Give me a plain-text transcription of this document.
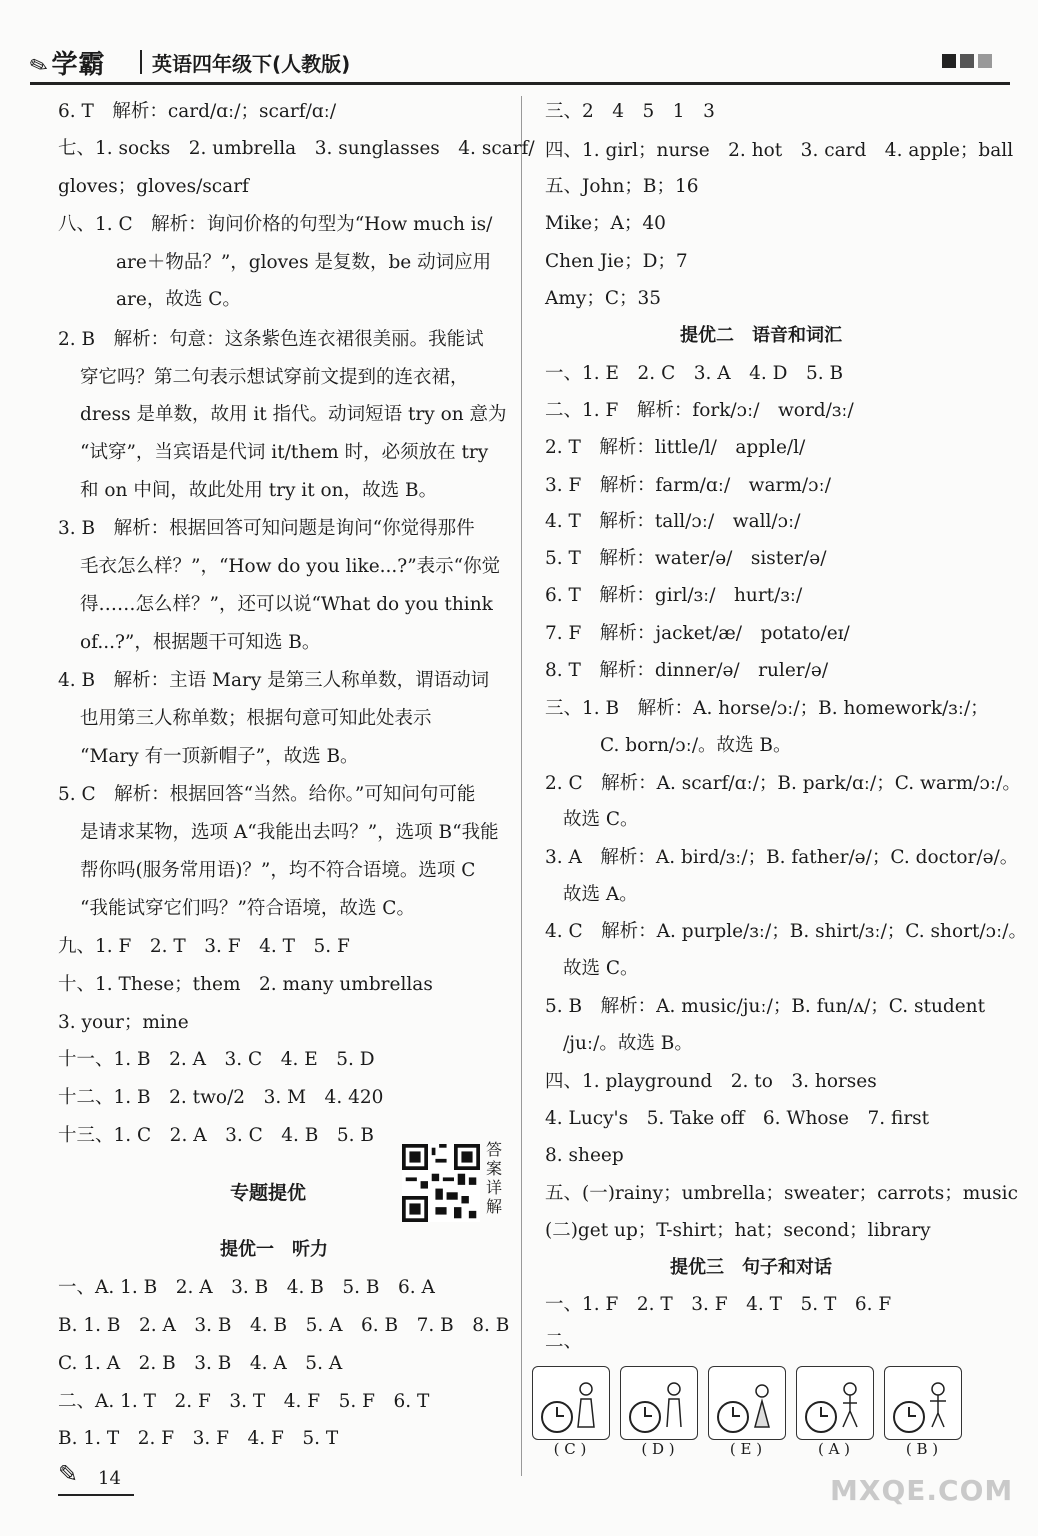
✎学霸 英语四年级下(人教版)
6. T　解析：card/ɑː/；scarf/ɑː/
七、1. socks　2. umbrella　3. sunglasses　4. scarf/
gloves；gloves/scarf
八、1. C　解析：询问价格的句型为“How much is/
are＋物品？”，gloves 是复数，be 动词应用
are，故选 C。
2. B　解析：句意：这条紫色连衣裙很美丽。我能试
穿它吗？第二句表示想试穿前文提到的连衣裙，
dress 是单数，故用 it 指代。动词短语 try on 意为
“试穿”，当宾语是代词 it/them 时，必须放在 try
和 on 中间，故此处用 try it on，故选 B。
3. B　解析：根据回答可知问题是询问“你觉得那件
毛衣怎么样？”，“How do you like...?”表示“你觉
得……怎么样？”，还可以说“What do you think
of...?”，根据题干可知选 B。
4. B　解析：主语 Mary 是第三人称单数，谓语动词
也用第三人称单数；根据句意可知此处表示
“Mary 有一顶新帽子”，故选 B。
5. C　解析：根据回答“当然。给你。”可知问句可能
是请求某物，选项 A“我能出去吗？”，选项 B“我能
帮你吗(服务常用语)？”，均不符合语境。选项 C
“我能试穿它们吗？”符合语境，故选 C。
九、1. F　2. T　3. F　4. T　5. F
十、1. These；them　2. many umbrellas
3. your；mine
十一、1. B　2. A　3. C　4. E　5. D
十二、1. B　2. two/2　3. M　4. 420
十三、1. C　2. A　3. C　4. B　5. B
专题提优
答案详解
提优一　听力
一、A. 1. B　2. A　3. B　4. B　5. B　6. A
B. 1. B　2. A　3. B　4. B　5. A　6. B　7. B　8. B
C. 1. A　2. B　3. B　4. A　5. A
二、A. 1. T　2. F　3. T　4. F　5. F　6. T
B. 1. T　2. F　3. F　4. F　5. T
三、2　4　5　1　3
四、1. girl；nurse　2. hot　3. card　4. apple；ball
五、John；B；16
Mike；A；40
Chen Jie；D；7
Amy；C；35
提优二　语音和词汇
一、1. E　2. C　3. A　4. D　5. B
二、1. F　解析：fork/ɔː/　word/ɜː/
2. T　解析：little/l/　apple/l/
3. F　解析：farm/ɑː/　warm/ɔː/
4. T　解析：tall/ɔː/　wall/ɔː/
5. T　解析：water/ə/　sister/ə/
6. T　解析：girl/ɜː/　hurt/ɜː/
7. F　解析：jacket/æ/　potato/eɪ/
8. T　解析：dinner/ə/　ruler/ə/
三、1. B　解析：A. horse/ɔː/；B. homework/ɜː/；
C. born/ɔː/。故选 B。
2. C　解析：A. scarf/ɑː/；B. park/ɑː/；C. warm/ɔː/。
故选 C。
3. A　解析：A. bird/ɜː/；B. father/ə/；C. doctor/ə/。
故选 A。
4. C　解析：A. purple/ɜː/；B. shirt/ɜː/；C. short/ɔː/。
故选 C。
5. B　解析：A. music/juː/；B. fun/ʌ/；C. student
/juː/。故选 B。
四、1. playground　2. to　3. horses
4. Lucy's　5. Take off　6. Whose　7. first
8. sheep
五、(一)rainy；umbrella；sweater；carrots；music
(二)get up；T-shirt；hat；second；library
提优三　句子和对话
一、1. F　2. T　3. F　4. T　5. T　6. F
二、
( C )	( D )	( E )	( A )	( B )
✎ 14	MXQE.COM
